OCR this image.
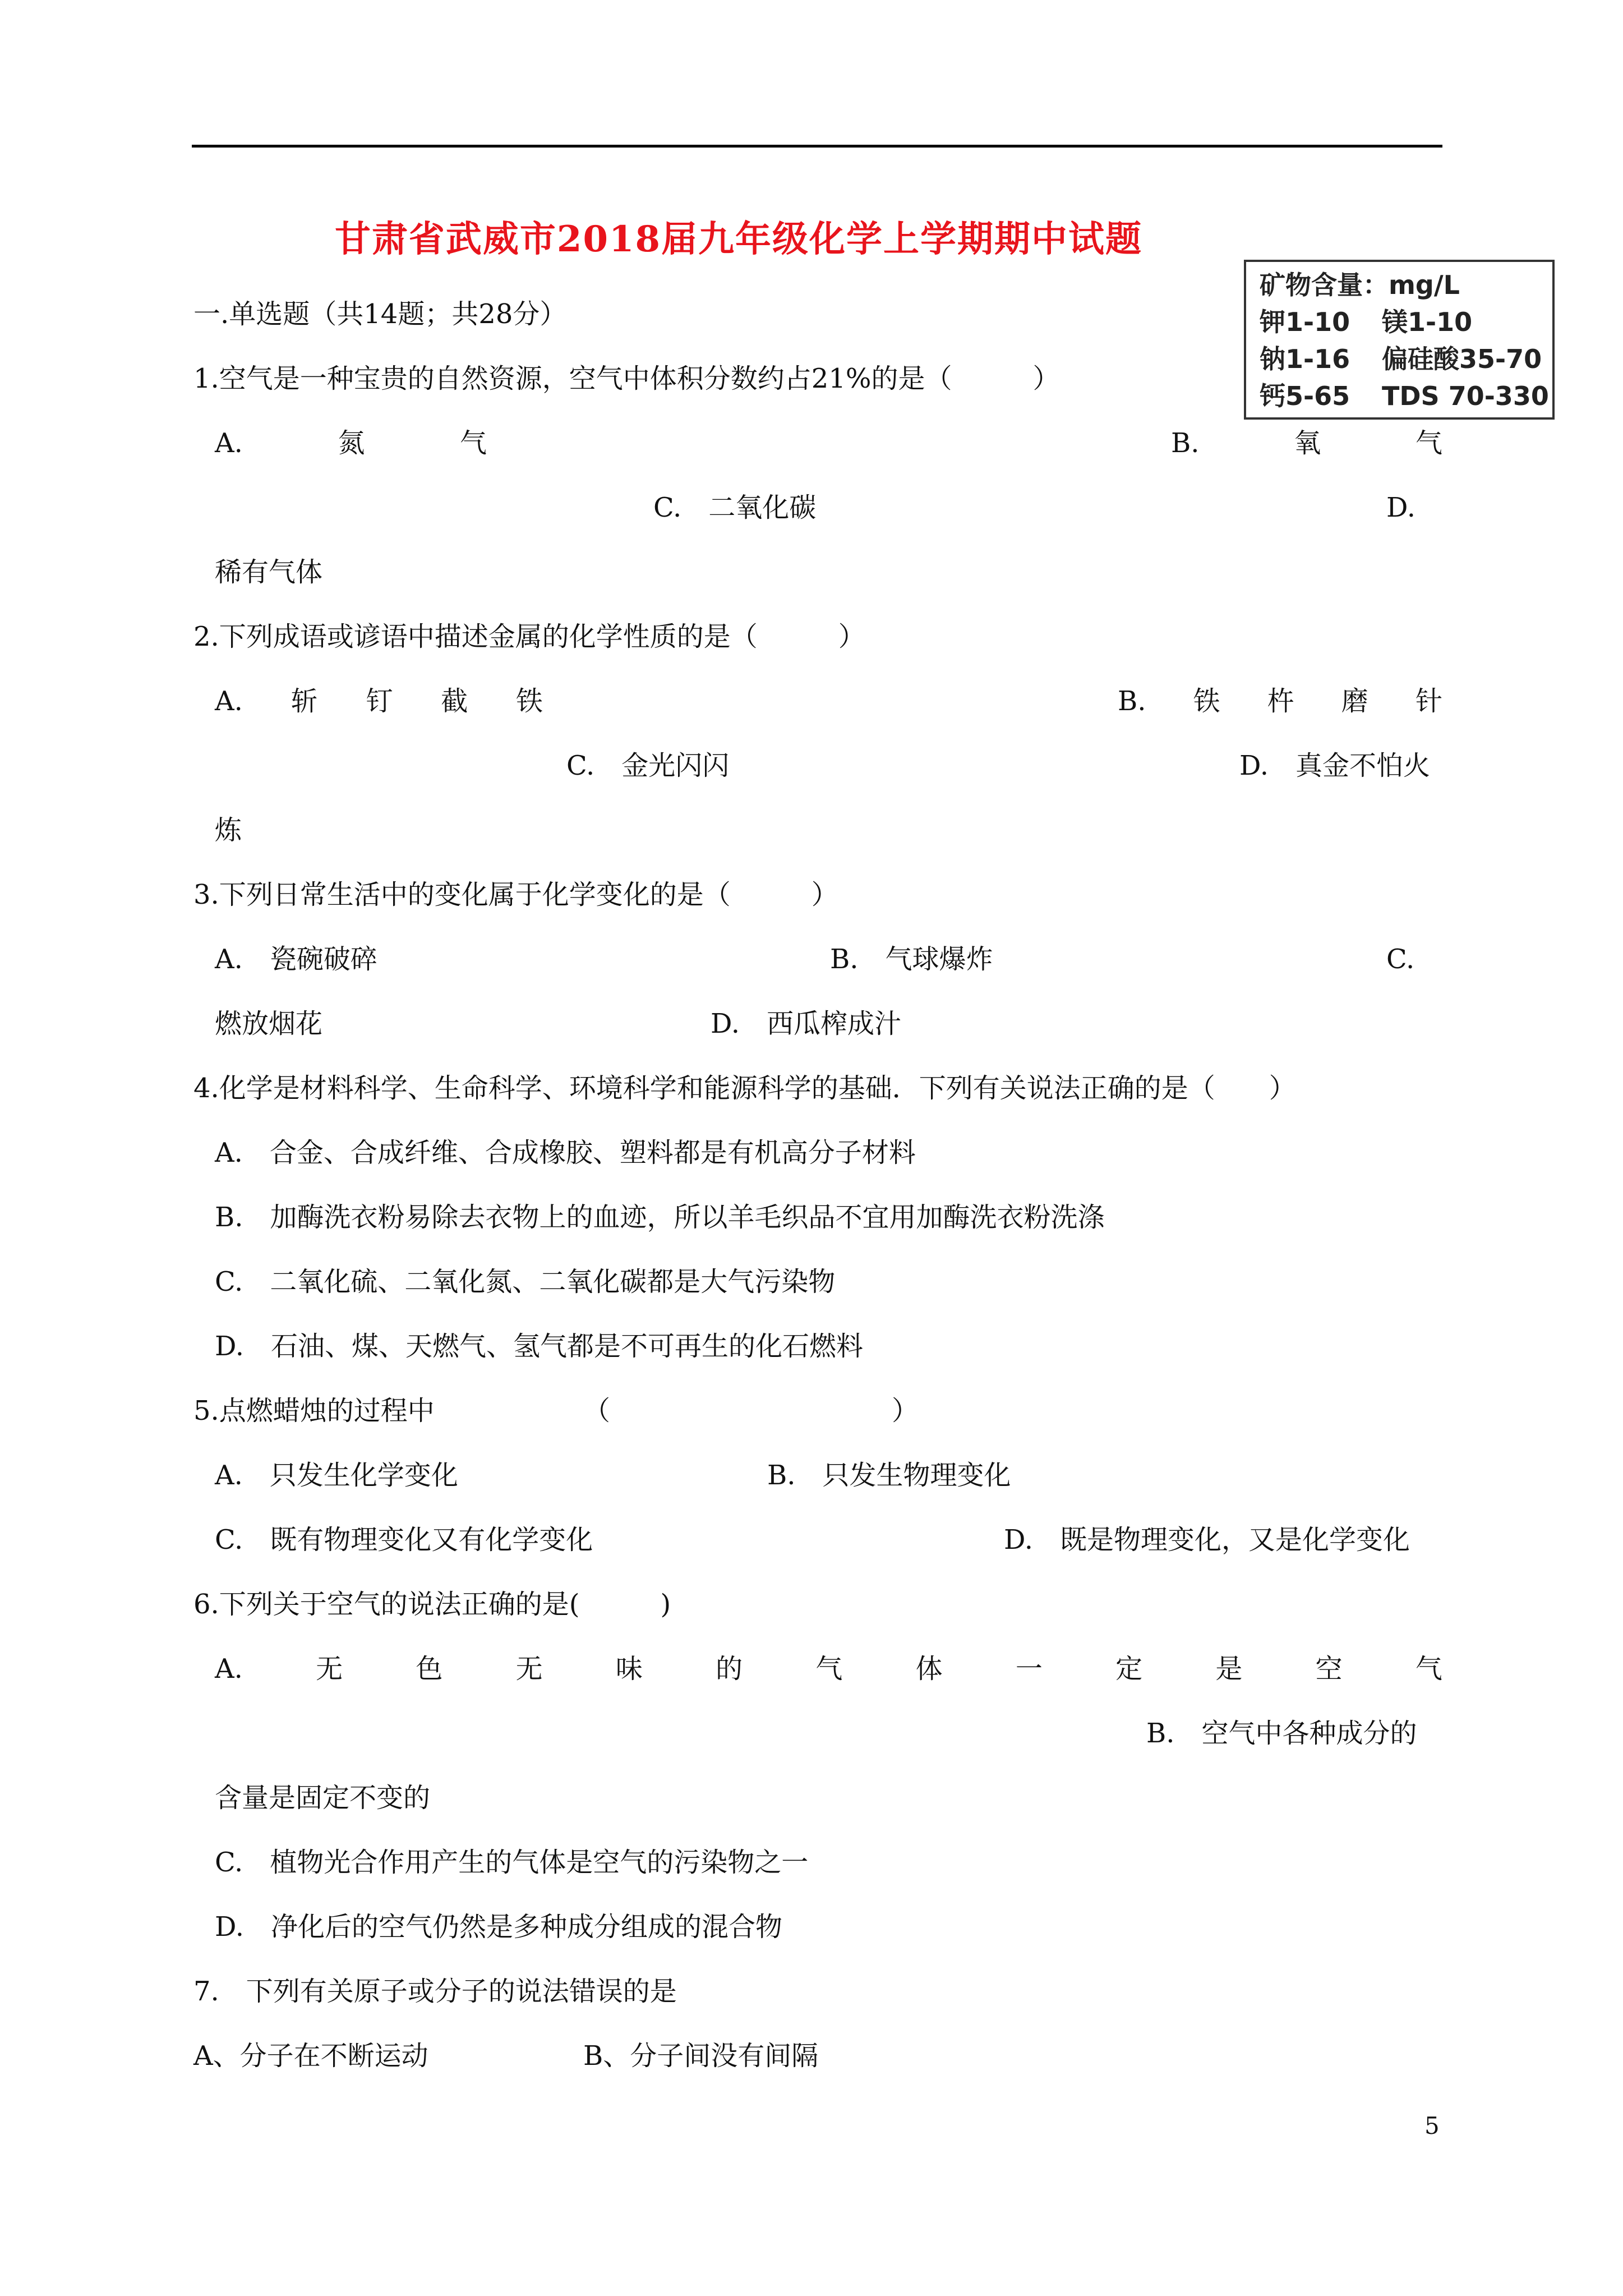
甘肃省武威市2018届九年级化学上学期期中试题
矿物含量：mg/L
钾1-10	镁1-10
钠1-16	偏硅酸35-70
钙5-65	TDS 70-330
一.单选题（共14题；共28分）
1.空气是一种宝贵的自然资源，空气中体积分数约占21%的是（　　　）
A.	氮	气	B.	氧	气
C.　二氧化碳	D.
稀有气体
2.下列成语或谚语中描述金属的化学性质的是（　　　）
A. 斩 钉 截 铁	B. 铁 杵 磨 针
C.　金光闪闪	D.　真金不怕火
炼
3.下列日常生活中的变化属于化学变化的是（　　　）
A.　瓷碗破碎	B.　气球爆炸	C.
燃放烟花	D.　西瓜榨成汁
4.化学是材料科学、生命科学、环境科学和能源科学的基础．下列有关说法正确的是（　　）
A.　合金、合成纤维、合成橡胶、塑料都是有机高分子材料
B.　加酶洗衣粉易除去衣物上的血迹，所以羊毛织品不宜用加酶洗衣粉洗涤
C.　二氧化硫、二氧化氮、二氧化碳都是大气污染物
D.　石油、煤、天燃气、氢气都是不可再生的化石燃料
5.点燃蜡烛的过程中	（	）
A.　只发生化学变化	B.　只发生物理变化
C.　既有物理变化又有化学变化	D.　既是物理变化，又是化学变化
6.下列关于空气的说法正确的是(　　　)
A.	无	色	无	味	的	气	体	一	定	是	空	气
B.　空气中各种成分的
含量是固定不变的
C.　植物光合作用产生的气体是空气的污染物之一
D.　净化后的空气仍然是多种成分组成的混合物
7.　下列有关原子或分子的说法错误的是
A、分子在不断运动	B、分子间没有间隔
5
